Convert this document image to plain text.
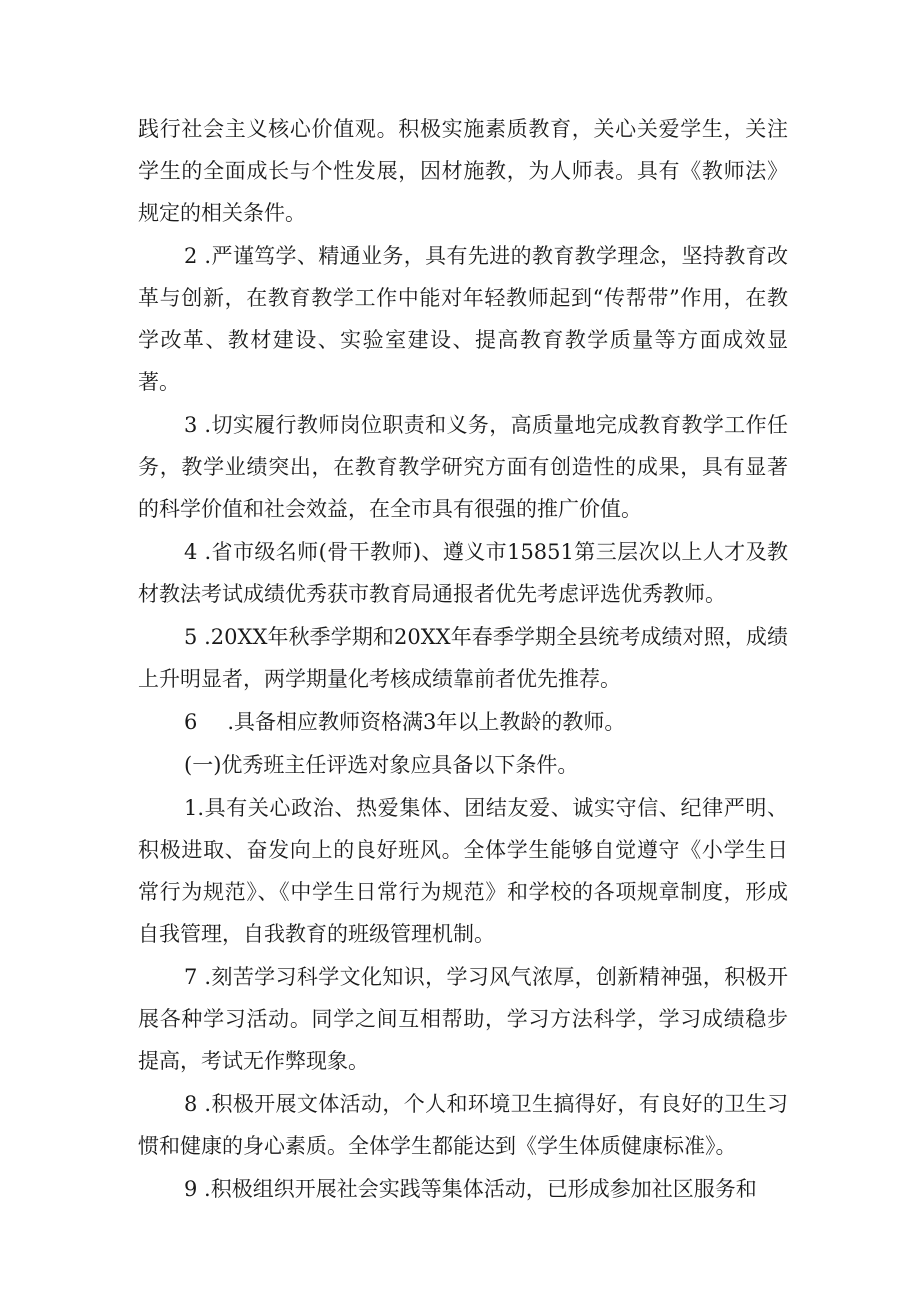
践行社会主义核心价值观。积极实施素质教育，关心关爱学生，关注学生的全面成长与个性发展，因材施教，为人师表。具有《教师法》规定的相关条件。

2 .严谨笃学、精通业务，具有先进的教育教学理念，坚持教育改革与创新，在教育教学工作中能对年轻教师起到“传帮带”作用，在教学改革、教材建设、实验室建设、提高教育教学质量等方面成效显著。

3 .切实履行教师岗位职责和义务，高质量地完成教育教学工作任务，教学业绩突出，在教育教学研究方面有创造性的成果，具有显著的科学价值和社会效益，在全市具有很强的推广价值。

4 .省市级名师(骨干教师)、遵义市15851第三层次以上人才及教材教法考试成绩优秀获市教育局通报者优先考虑评选优秀教师。

5 .20XX年秋季学期和20XX年春季学期全县统考成绩对照，成绩上升明显者，两学期量化考核成绩靠前者优先推荐。

6 .具备相应教师资格满3年以上教龄的教师。

(一)优秀班主任评选对象应具备以下条件。

1.具有关心政治、热爱集体、团结友爱、诚实守信、纪律严明、积极进取、奋发向上的良好班风。全体学生能够自觉遵守《小学生日常行为规范》、《中学生日常行为规范》和学校的各项规章制度，形成自我管理，自我教育的班级管理机制。

7 .刻苦学习科学文化知识，学习风气浓厚，创新精神强，积极开展各种学习活动。同学之间互相帮助，学习方法科学，学习成绩稳步提高，考试无作弊现象。

8 .积极开展文体活动，个人和环境卫生搞得好，有良好的卫生习惯和健康的身心素质。全体学生都能达到《学生体质健康标准》。

9 .积极组织开展社会实践等集体活动，已形成参加社区服务和
